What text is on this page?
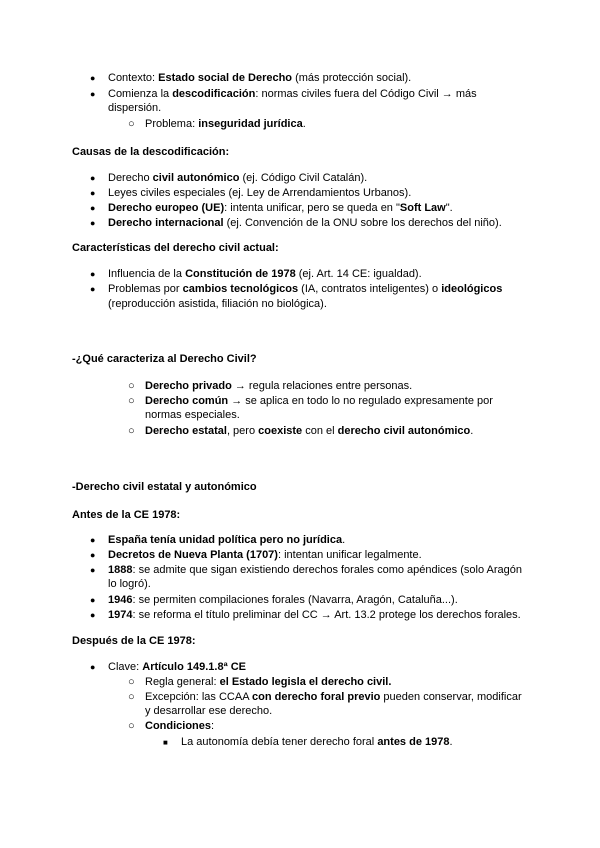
● Contexto: Estado social de Derecho (más protección social).
● Comienza la descodificación: normas civiles fuera del Código Civil → más
dispersión.
○ Problema: inseguridad jurídica.
Causas de la descodificación:
● Derecho civil autonómico (ej. Código Civil Catalán).
● Leyes civiles especiales (ej. Ley de Arrendamientos Urbanos).
● Derecho europeo (UE): intenta unificar, pero se queda en "Soft Law".
● Derecho internacional (ej. Convención de la ONU sobre los derechos del niño).
Características del derecho civil actual:
● Influencia de la Constitución de 1978 (ej. Art. 14 CE: igualdad).
● Problemas por cambios tecnológicos (IA, contratos inteligentes) o ideológicos
(reproducción asistida, filiación no biológica).
-¿Qué caracteriza al Derecho Civil?
○ Derecho privado → regula relaciones entre personas.
○ Derecho común → se aplica en todo lo no regulado expresamente por
normas especiales.
○ Derecho estatal, pero coexiste con el derecho civil autonómico.
-Derecho civil estatal y autonómico
Antes de la CE 1978:
● España tenía unidad política pero no jurídica.
● Decretos de Nueva Planta (1707): intentan unificar legalmente.
● 1888: se admite que sigan existiendo derechos forales como apéndices (solo Aragón
lo logró).
● 1946: se permiten compilaciones forales (Navarra, Aragón, Cataluña...).
● 1974: se reforma el título preliminar del CC → Art. 13.2 protege los derechos forales.
Después de la CE 1978:
● Clave: Artículo 149.1.8ª CE
○ Regla general: el Estado legisla el derecho civil.
○ Excepción: las CCAA con derecho foral previo pueden conservar, modificar
y desarrollar ese derecho.
○ Condiciones:
■ La autonomía debía tener derecho foral antes de 1978.
